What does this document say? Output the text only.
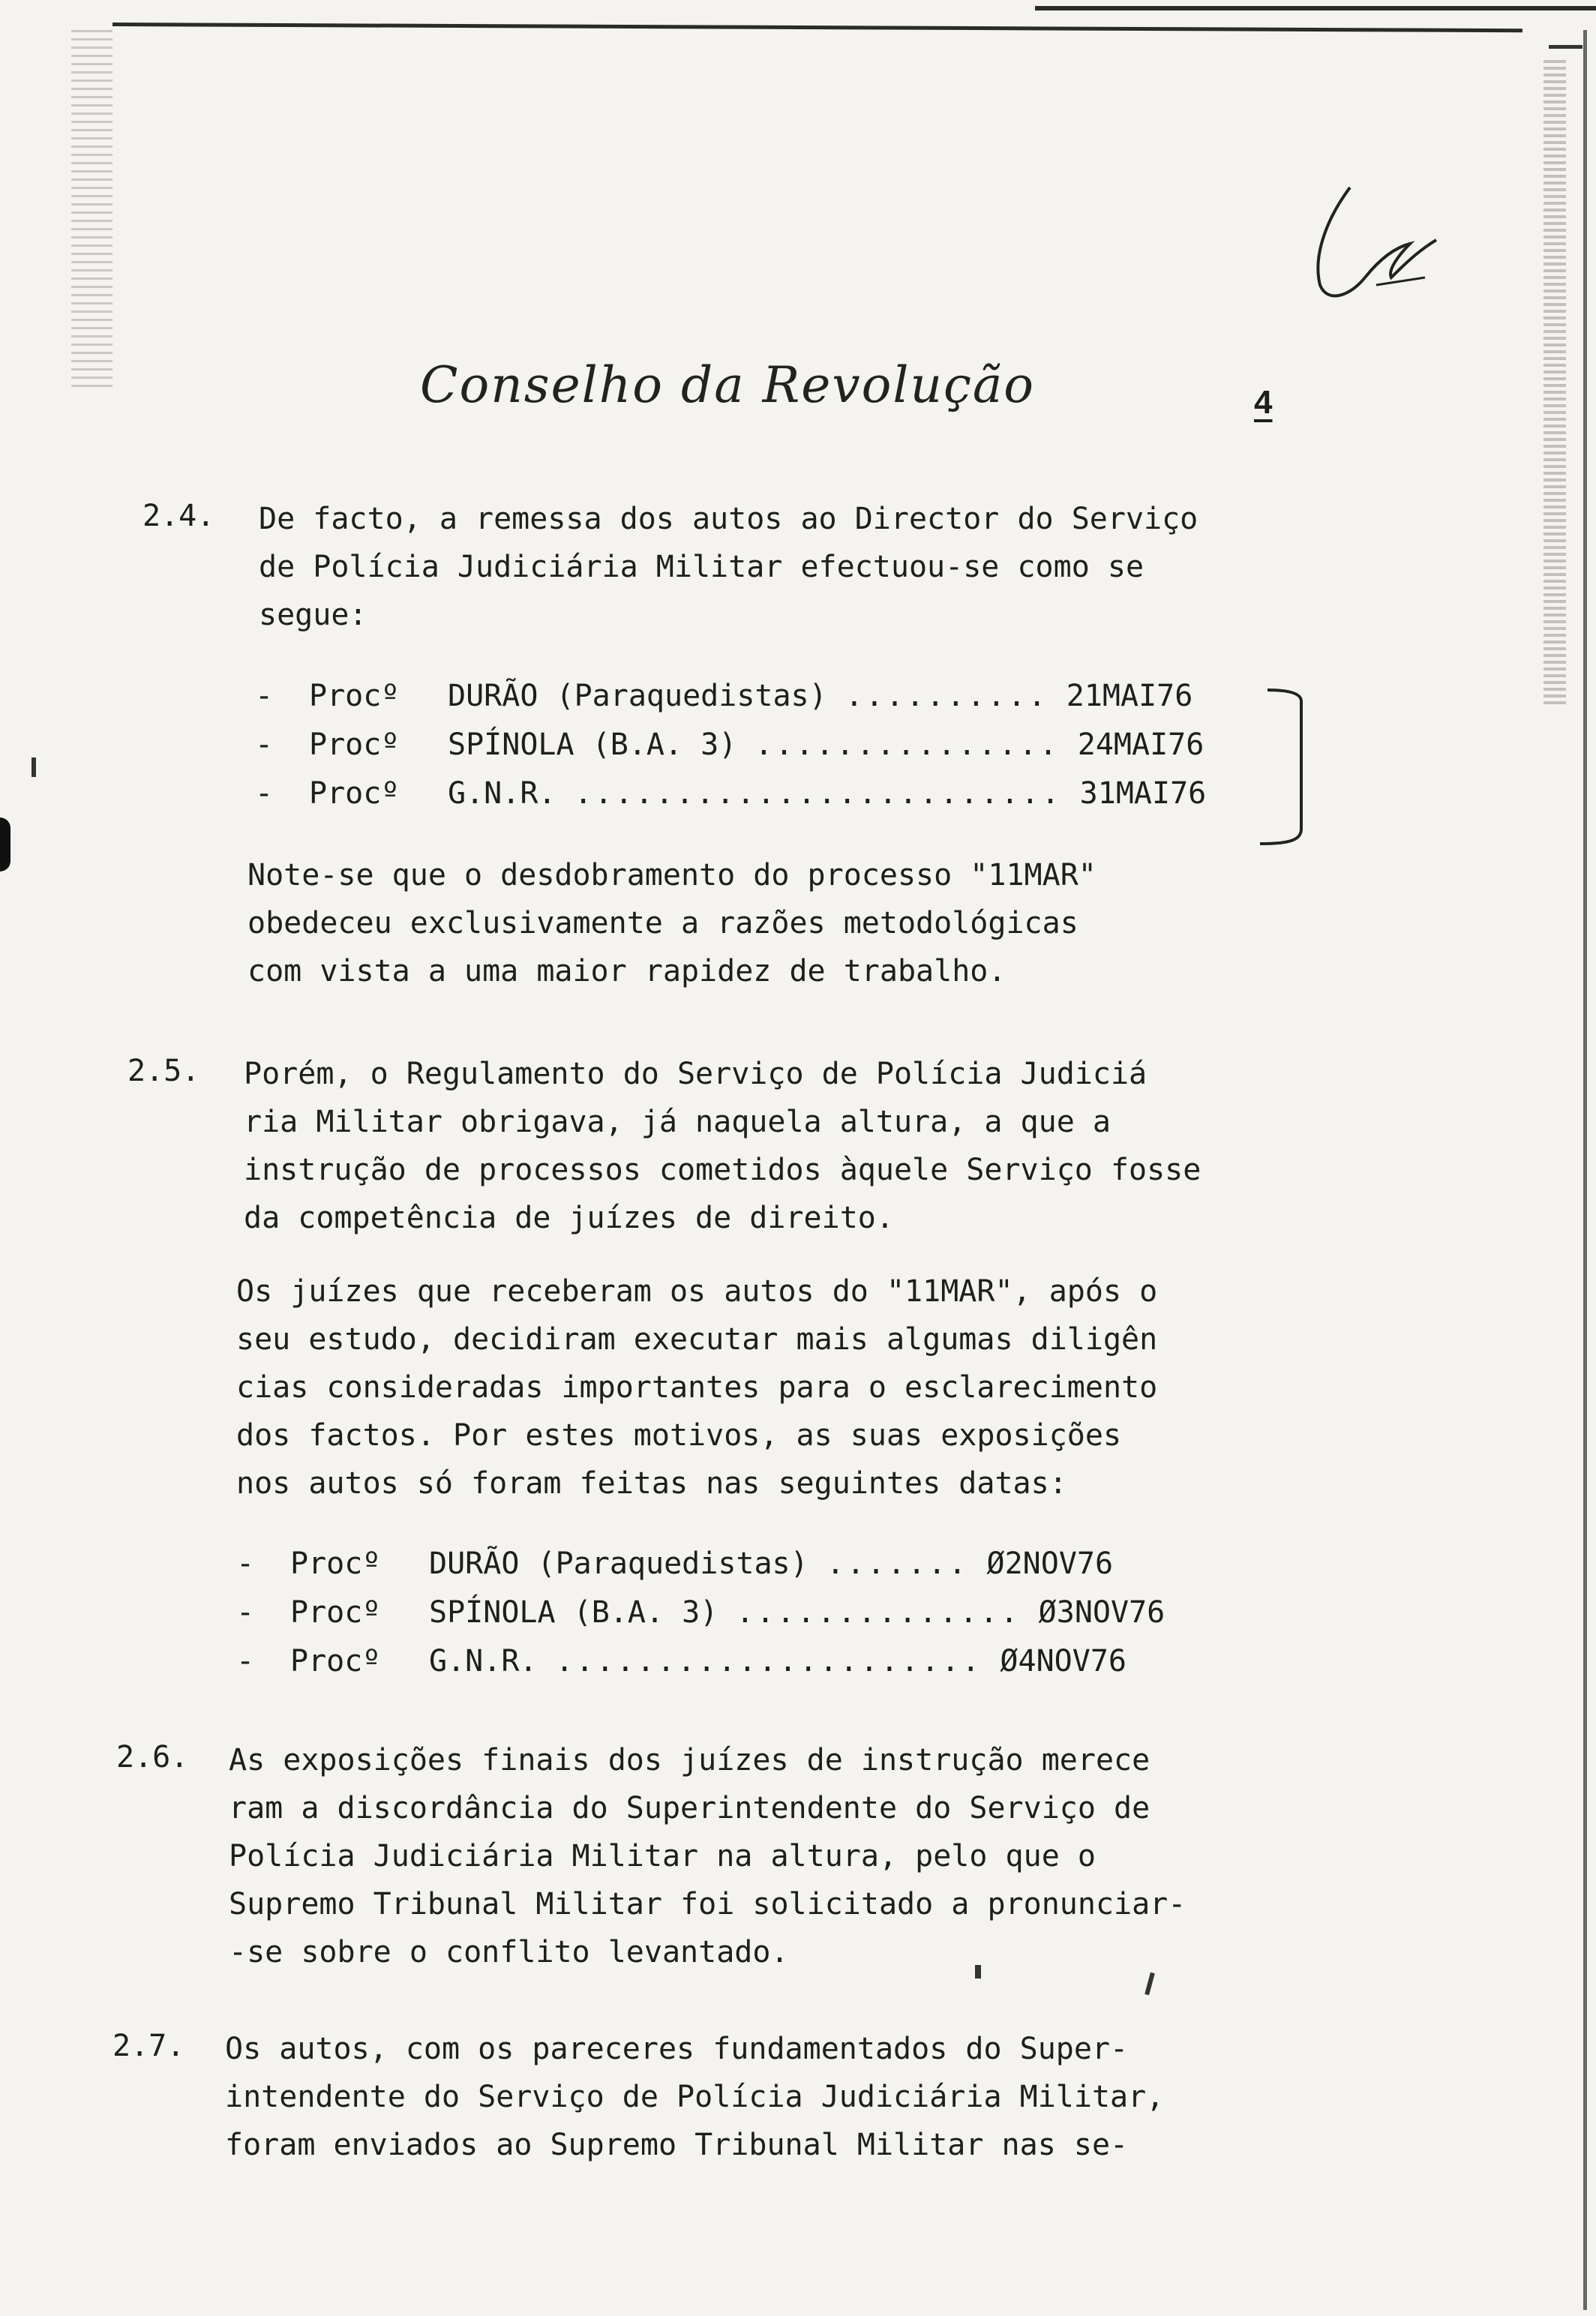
Conselho da Revolução	4
2.4. De facto, a remessa dos autos ao Director do Serviço
de Polícia Judiciária Militar efectuou-se como se
segue:
- Procº DURÃO (Paraquedistas) .......... 21MAI76
- Procº SPÍNOLA (B.A. 3) ............... 24MAI76
- Procº G.N.R. ........................ 31MAI76
Note-se que o desdobramento do processo "11MAR"
obedeceu exclusivamente a razões metodológicas
com vista a uma maior rapidez de trabalho.
2.5. Porém, o Regulamento do Serviço de Polícia Judiciá
ria Militar obrigava, já naquela altura, a que a
instrução de processos cometidos àquele Serviço fosse
da competência de juízes de direito.
Os juízes que receberam os autos do "11MAR", após o
seu estudo, decidiram executar mais algumas diligên
cias consideradas importantes para o esclarecimento
dos factos. Por estes motivos, as suas exposições
nos autos só foram feitas nas seguintes datas:
- Procº DURÃO (Paraquedistas) ....... Ø2NOV76
- Procº SPÍNOLA (B.A. 3) .............. Ø3NOV76
- Procº G.N.R. ..................... Ø4NOV76
2.6. As exposições finais dos juízes de instrução merece
ram a discordância do Superintendente do Serviço de
Polícia Judiciária Militar na altura, pelo que o
Supremo Tribunal Militar foi solicitado a pronunciar-
-se sobre o conflito levantado.
2.7. Os autos, com os pareceres fundamentados do Super-
intendente do Serviço de Polícia Judiciária Militar,
foram enviados ao Supremo Tribunal Militar nas se-
